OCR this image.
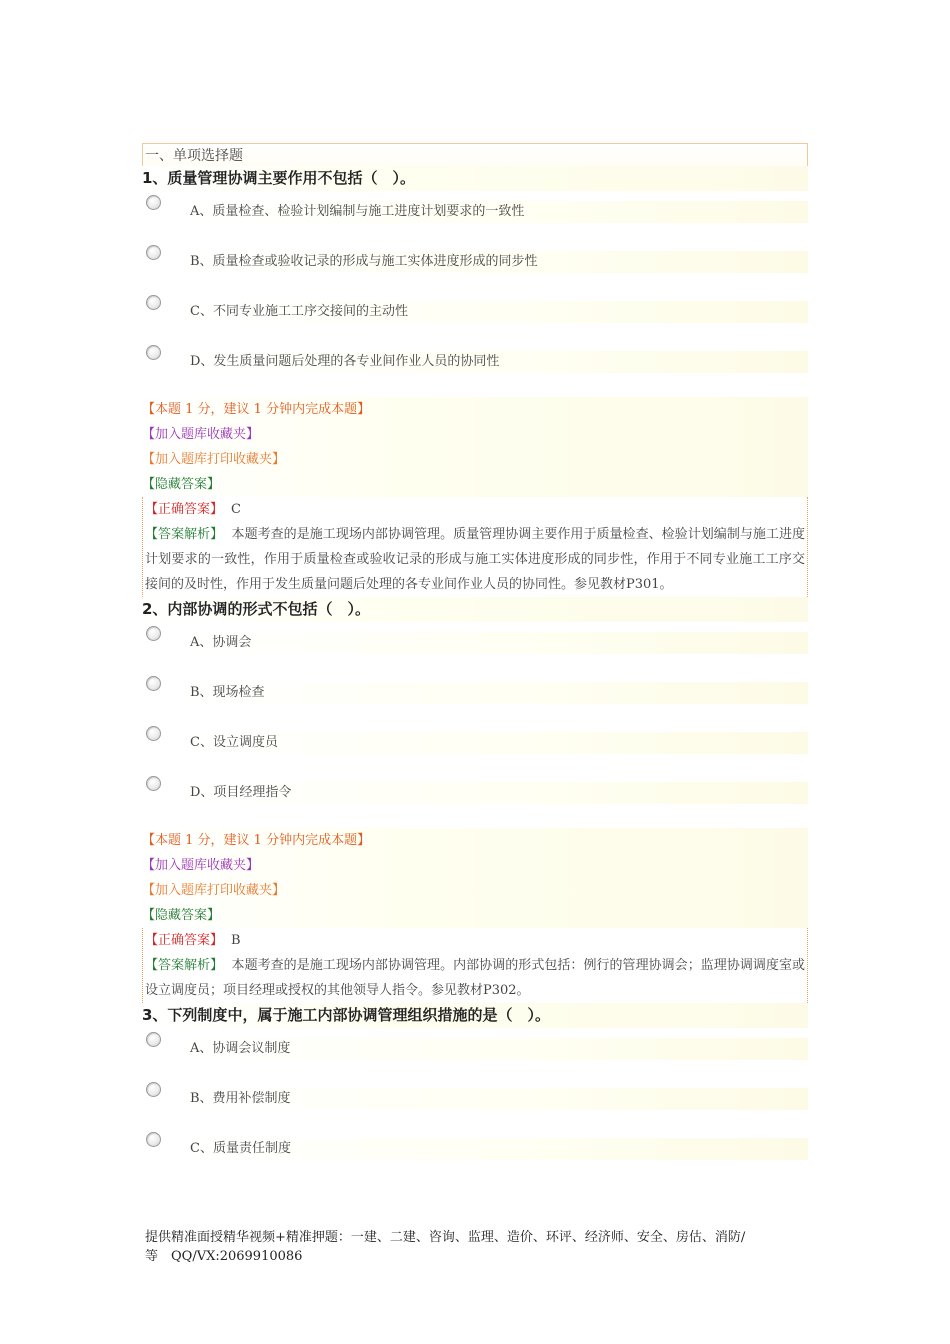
一、单项选择题
1、质量管理协调主要作用不包括（　）。
A、质量检查、检验计划编制与施工进度计划要求的一致性
B、质量检查或验收记录的形成与施工实体进度形成的同步性
C、不同专业施工工序交接间的主动性
D、发生质量问题后处理的各专业间作业人员的协同性
【本题 1 分，建议 1 分钟内完成本题】
【加入题库收藏夹】
【加入题库打印收藏夹】
【隐藏答案】
【正确答案】 C
【答案解析】 本题考查的是施工现场内部协调管理。质量管理协调主要作用于质量检查、检验计划编制与施工进度计划要求的一致性，作用于质量检查或验收记录的形成与施工实体进度形成的同步性，作用于不同专业施工工序交接间的及时性，作用于发生质量问题后处理的各专业间作业人员的协同性。参见教材P301。
2、内部协调的形式不包括（　）。
A、协调会
B、现场检查
C、设立调度员
D、项目经理指令
【本题 1 分，建议 1 分钟内完成本题】
【加入题库收藏夹】
【加入题库打印收藏夹】
【隐藏答案】
【正确答案】 B
【答案解析】 本题考查的是施工现场内部协调管理。内部协调的形式包括：例行的管理协调会；监理协调调度室或设立调度员；项目经理或授权的其他领导人指令。参见教材P302。
3、下列制度中，属于施工内部协调管理组织措施的是（　）。
A、协调会议制度
B、费用补偿制度
C、质量责任制度
提供精准面授精华视频+精准押题：一建、二建、咨询、监理、造价、环评、经济师、安全、房估、消防/
等　QQ/VX:2069910086
